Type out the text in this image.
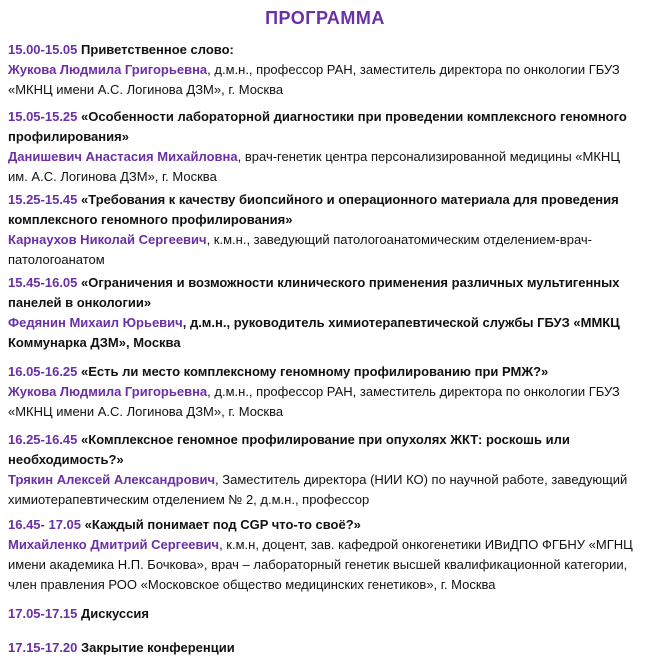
ПРОГРАММА

15.00-15.05 Приветственное слово:

Жукова Людмила Григорьевна, д.м.н., профессор РАН, заместитель директора по онкологии ГБУЗ «МКНЦ имени А.С. Логинова ДЗМ», г. Москва

15.05-15.25 «Особенности лабораторной диагностики при проведении комплексного геномного профилирования»

Данишевич Анастасия Михайловна, врач-генетик центра персонализированной медицины «МКНЦ им. А.С. Логинова ДЗМ», г. Москва

15.25-15.45 «Требования к качеству биопсийного и операционного материала для проведения комплексного геномного профилирования»

Карнаухов Николай Сергеевич, к.м.н., заведующий патологоанатомическим отделением-врач-патологоанатом

15.45-16.05 «Ограничения и возможности клинического применения различных мультигенных панелей в онкологии»

Федянин Михаил Юрьевич, д.м.н., руководитель химиотерапевтической службы ГБУЗ «ММКЦ Коммунарка ДЗМ», Москва

16.05-16.25 «Есть ли место комплексному геномному профилированию при РМЖ?»

Жукова Людмила Григорьевна, д.м.н., профессор РАН, заместитель директора по онкологии ГБУЗ «МКНЦ имени А.С. Логинова ДЗМ», г. Москва

16.25-16.45 «Комплексное геномное профилирование при опухолях ЖКТ: роскошь или необходимость?»

Трякин Алексей Александрович, Заместитель директора (НИИ КО) по научной работе, заведующий химиотерапевтическим отделением № 2, д.м.н., профессор

16.45- 17.05 «Каждый понимает под CGP что-то своё?»

Михайленко Дмитрий Сергеевич, к.м.н, доцент, зав. кафедрой онкогенетики ИВиДПО ФГБНУ «МГНЦ имени академика Н.П. Бочкова», врач – лабораторный генетик высшей квалификационной категории,

член правления РОО «Московское общество медицинских генетиков», г. Москва

17.05-17.15 Дискуссия

17.15-17.20 Закрытие конференции
